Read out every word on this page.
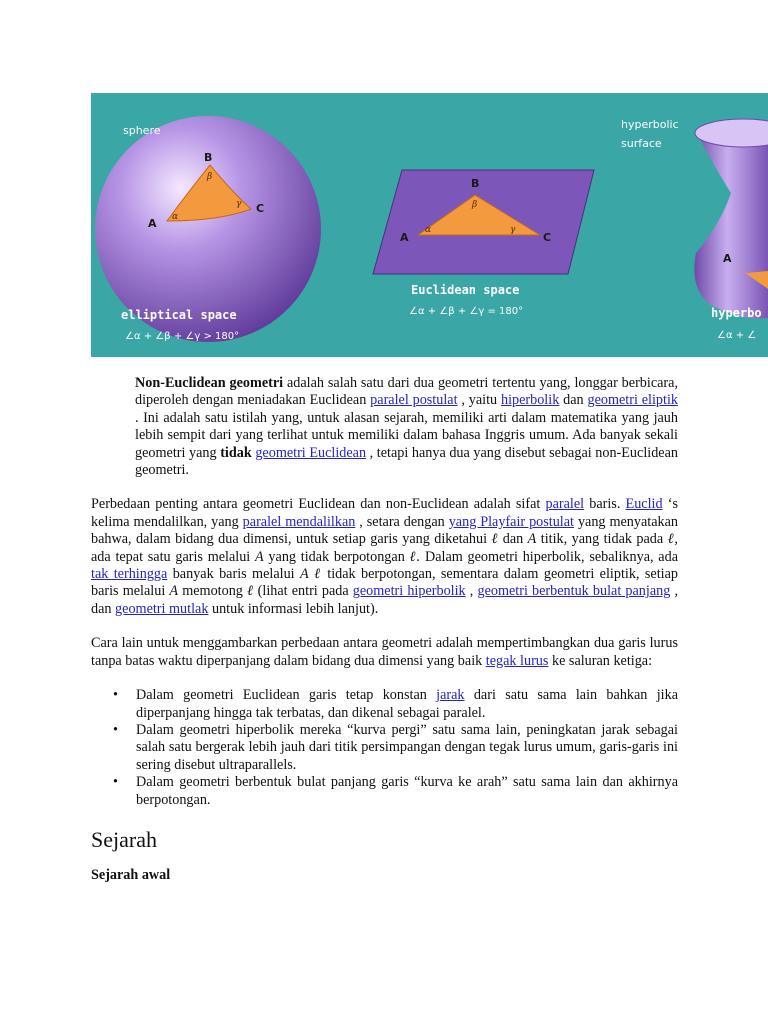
sphere
B
A
C
α
β
γ
elliptical space
∠α + ∠β + ∠γ > 180°
B
A	C
α
β
γ
Euclidean space
∠α + ∠β + ∠γ = 180°
hyperbolic
surface
A
hyperbo
∠α + ∠

Non-Euclidean geometri adalah salah satu dari dua geometri tertentu yang, longgar berbicara, diperoleh dengan meniadakan Euclidean paralel postulat , yaitu hiperbolik dan geometri eliptik . Ini adalah satu istilah yang, untuk alasan sejarah, memiliki arti dalam matematika yang jauh lebih sempit dari yang terlihat untuk memiliki dalam bahasa Inggris umum. Ada banyak sekali geometri yang tidak geometri Euclidean , tetapi hanya dua yang disebut sebagai non-Euclidean geometri.

Perbedaan penting antara geometri Euclidean dan non-Euclidean adalah sifat paralel baris. Euclid ‘s kelima mendalilkan, yang paralel mendalilkan , setara dengan yang Playfair postulat yang menyatakan bahwa, dalam bidang dua dimensi, untuk setiap garis yang diketahui ℓ dan A titik, yang tidak pada ℓ, ada tepat satu garis melalui A yang tidak berpotongan ℓ. Dalam geometri hiperbolik, sebaliknya, ada tak terhingga banyak baris melalui A ℓ tidak berpotongan, sementara dalam geometri eliptik, setiap baris melalui A memotong ℓ (lihat entri pada geometri hiperbolik , geometri berbentuk bulat panjang , dan geometri mutlak untuk informasi lebih lanjut).

Cara lain untuk menggambarkan perbedaan antara geometri adalah mempertimbangkan dua garis lurus tanpa batas waktu diperpanjang dalam bidang dua dimensi yang baik tegak lurus ke saluran ketiga:

• Dalam geometri Euclidean garis tetap konstan jarak dari satu sama lain bahkan jika diperpanjang hingga tak terbatas, dan dikenal sebagai paralel.
• Dalam geometri hiperbolik mereka “kurva pergi” satu sama lain, peningkatan jarak sebagai salah satu bergerak lebih jauh dari titik persimpangan dengan tegak lurus umum, garis-garis ini sering disebut ultraparallels.
• Dalam geometri berbentuk bulat panjang garis “kurva ke arah” satu sama lain dan akhirnya berpotongan.
Sejarah
Sejarah awal
